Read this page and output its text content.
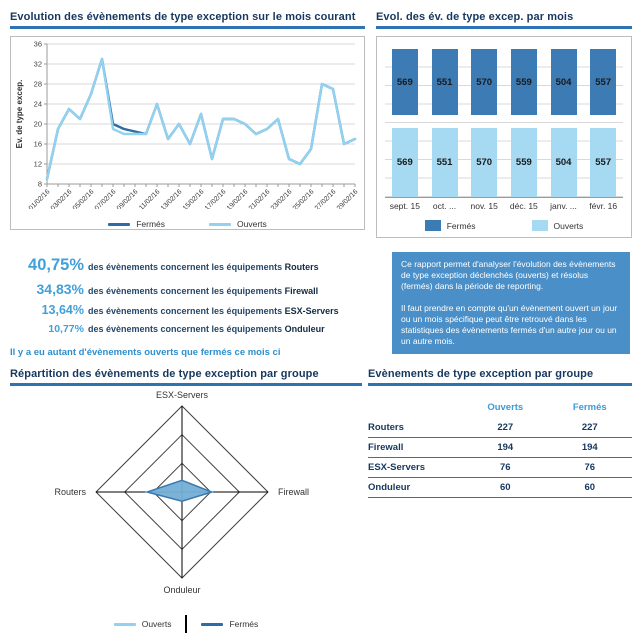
Evolution des évènements de type exception sur le mois courant
8
12
16
20
24
28
32
36
01/02/16
03/02/16
05/02/16
07/02/16
09/02/16
11/02/16
13/02/16
15/02/16
17/02/16
19/02/16
21/02/16
23/02/16
25/02/16
27/02/16
29/02/16
Ev. de type excep.
Fermés	Ouverts
Evol. des év. de type excep. par mois
569
569
551
551
570
570
559
559
504
504
557
557
sept. 15	oct. ...	nov. 15	déc. 15	janv. ...	févr. 16
Fermés	Ouverts
40,75% des évènements concernent les équipements Routers
34,83% des évènements concernent les équipements Firewall
13,64% des évènements concernent les équipements ESX-Servers
10,77% des évènements concernent les équipements Onduleur
Il y a eu autant d'évènements ouverts que fermés ce mois ci

Ce rapport permet d'analyser l'évolution des évènements de type exception déclenchés (ouverts) et résolus (fermés) dans la période de reporting.

Il faut prendre en compte qu'un évènement ouvert un jour ou un mois spécifique peut être retrouvé dans les statistiques des évènements fermés d'un autre jour ou un un autre mois.

Répartition des évènements de type exception par groupe
ESX-Servers
Firewall
Onduleur
Routers
Ouverts	Fermés
Evènements de type exception par groupe
	Ouverts	Fermés
Routers	227	227
Firewall	194	194
ESX-Servers	76	76
Onduleur	60	60
